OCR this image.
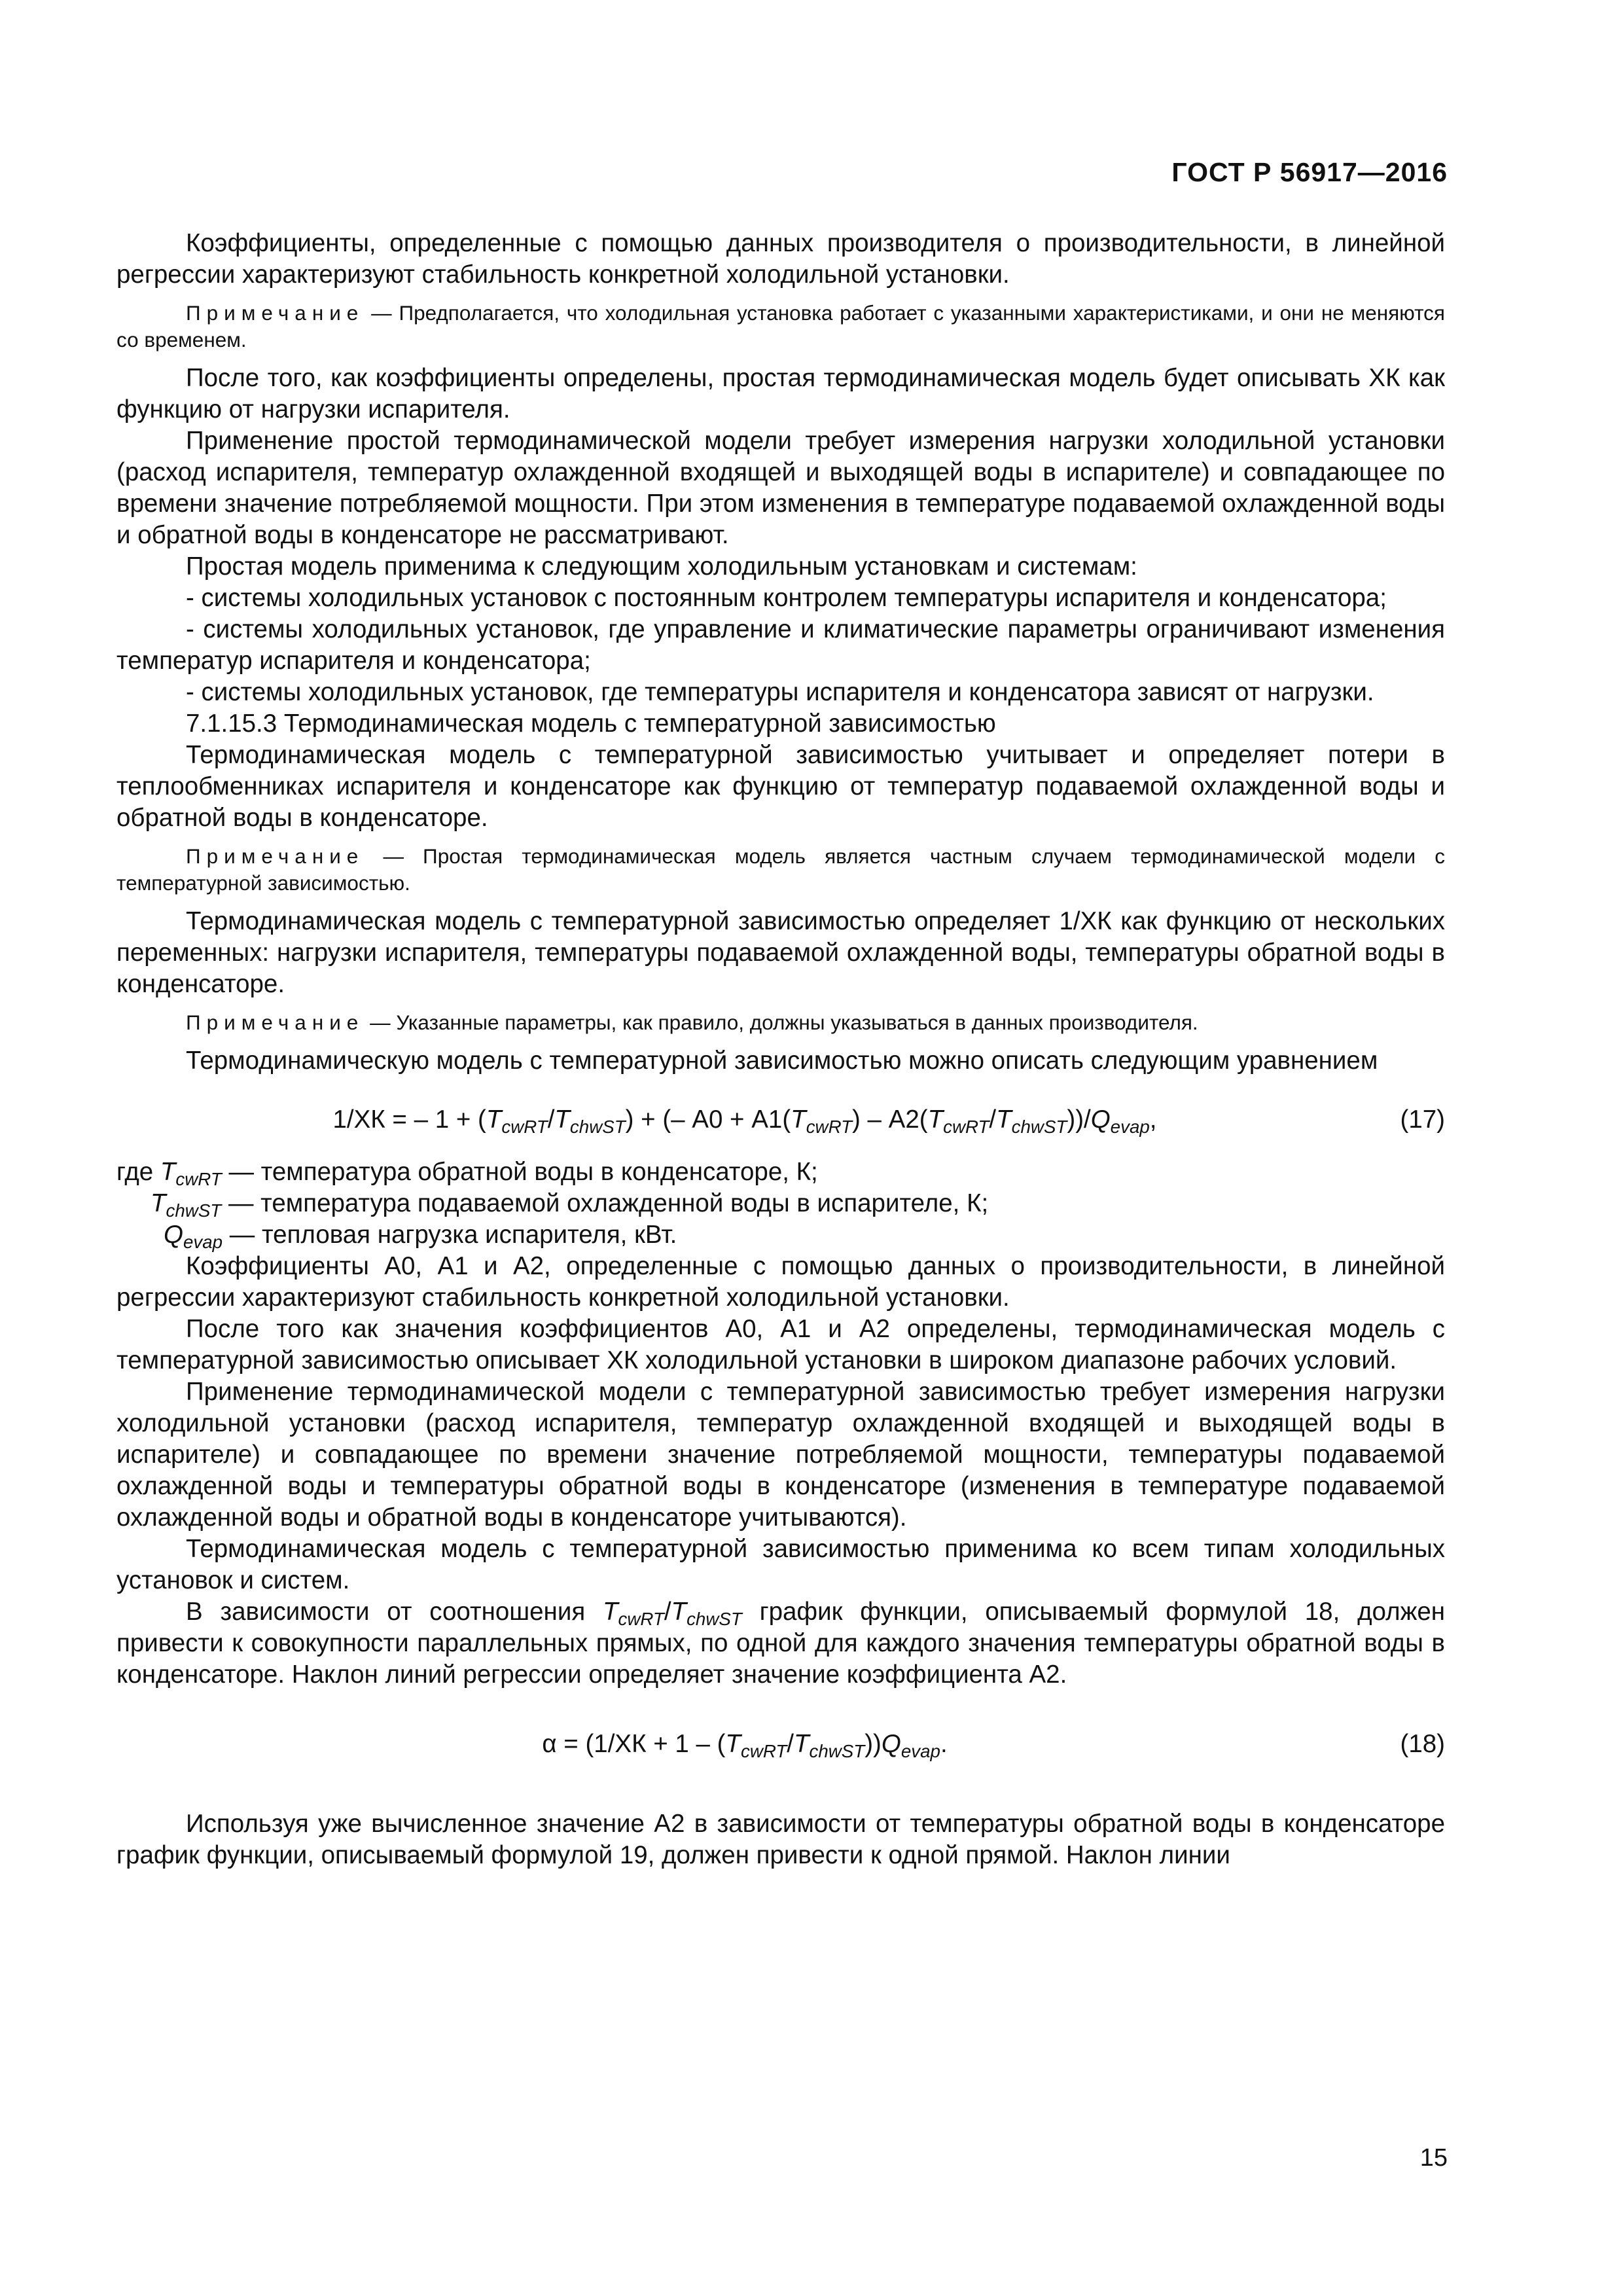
ГОСТ Р 56917—2016

Коэффициенты, определенные с помощью данных производителя о производительности, в линейной регрессии характеризуют стабильность конкретной холодильной установки.

Примечание — Предполагается, что холодильная установка работает с указанными характеристиками, и они не меняются со временем.

После того, как коэффициенты определены, простая термодинамическая модель будет описывать ХК как функцию от нагрузки испарителя.

Применение простой термодинамической модели требует измерения нагрузки холодильной установки (расход испарителя, температур охлажденной входящей и выходящей воды в испарителе) и совпадающее по времени значение потребляемой мощности. При этом изменения в температуре подаваемой охлажденной воды и обратной воды в конденсаторе не рассматривают.

Простая модель применима к следующим холодильным установкам и системам:

- системы холодильных установок с постоянным контролем температуры испарителя и конденсатора;

- системы холодильных установок, где управление и климатические параметры ограничивают изменения температур испарителя и конденсатора;

- системы холодильных установок, где температуры испарителя и конденсатора зависят от нагрузки.

7.1.15.3 Термодинамическая модель с температурной зависимостью

Термодинамическая модель с температурной зависимостью учитывает и определяет потери в теплообменниках испарителя и конденсаторе как функцию от температур подаваемой охлажденной воды и обратной воды в конденсаторе.

Примечание — Простая термодинамическая модель является частным случаем термодинамической модели с температурной зависимостью.

Термодинамическая модель с температурной зависимостью определяет 1/ХК как функцию от нескольких переменных: нагрузки испарителя, температуры подаваемой охлажденной воды, температуры обратной воды в конденсаторе.

Примечание — Указанные параметры, как правило, должны указываться в данных производителя.

Термодинамическую модель с температурной зависимостью можно описать следующим уравнением

1/ХК = – $1 + (T_{cwRT}/T_{chwST})$ + (– $А0 + А1(T_{cwRT}) - А2(T_{cwRT}/T_{chwST}))/Q_{evap}$,	(17)
где $T_{cwRT}$ — температура обратной воды в конденсаторе, К;
$T_{chwST}$ — температура подаваемой охлажденной воды в испарителе, К;
$Q_{evap}$ — тепловая нагрузка испарителя, кВт.

Коэффициенты А0, А1 и А2, определенные с помощью данных о производительности, в линейной регрессии характеризуют стабильность конкретной холодильной установки.

После того как значения коэффициентов А0, А1 и А2 определены, термодинамическая модель с температурной зависимостью описывает ХК холодильной установки в широком диапазоне рабочих условий.

Применение термодинамической модели с температурной зависимостью требует измерения нагрузки холодильной установки (расход испарителя, температур охлажденной входящей и выходящей воды в испарителе) и совпадающее по времени значение потребляемой мощности, температуры подаваемой охлажденной воды и температуры обратной воды в конденсаторе (изменения в температуре подаваемой охлажденной воды и обратной воды в конденсаторе учитываются).

Термодинамическая модель с температурной зависимостью применима ко всем типам холодильных установок и систем.

В зависимости от соотношения $T_{cwRT}/T_{chwST}$ график функции, описываемый формулой 18, должен привести к совокупности параллельных прямых, по одной для каждого значения температуры обратной воды в конденсаторе. Наклон линий регрессии определяет значение коэффициента А2.

$\alpha = (1/ХК + 1 - (T_{cwRT}/T_{chwST}))Q_{evap}$.	(18)

Используя уже вычисленное значение А2 в зависимости от температуры обратной воды в конденсаторе график функции, описываемый формулой 19, должен привести к одной прямой. Наклон линии

15
